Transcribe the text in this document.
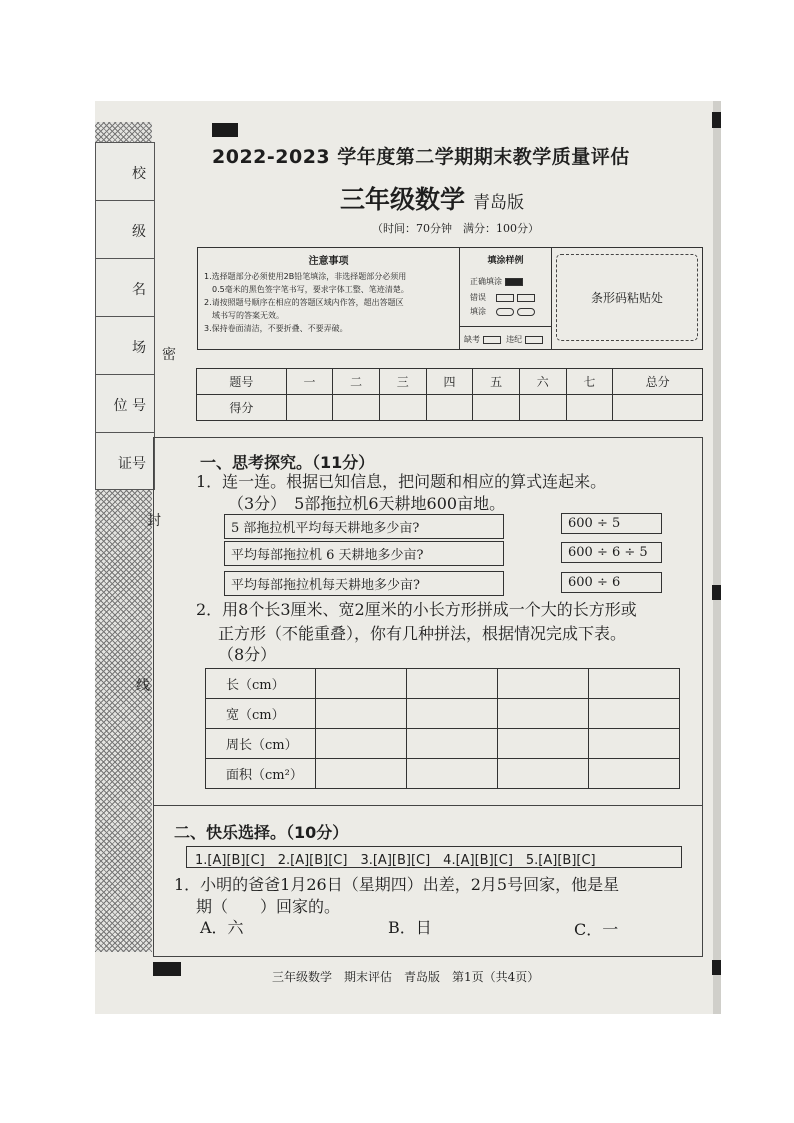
校
级
名
场
位 号
证号
密
封
线
2022-2023 学年度第二学期期末教学质量评估
三年级数学 青岛版
（时间：70分钟　满分：100分）
注意事项
1.选择题部分必须使用2B铅笔填涂，非选择题部分必须用
　0.5毫米的黑色签字笔书写，要求字体工整、笔迹清楚。
2.请按照题号顺序在相应的答题区域内作答，超出答题区
　域书写的答案无效。
3.保持卷面清洁，不要折叠、不要弄破。
填涂样例
正确填涂
错误
填涂
缺考	违纪
条形码粘贴处
题号	一	二	三	四	五	六	七	总分
得分								
一、思考探究。（11分）
1．连一连。根据已知信息，把问题和相应的算式连起来。
（3分）　5部拖拉机6天耕地600亩地。
5 部拖拉机平均每天耕地多少亩?
平均每部拖拉机 6 天耕地多少亩?
平均每部拖拉机每天耕地多少亩?
600 ÷ 5
600 ÷ 6 ÷ 5
600 ÷ 6
2．用8个长3厘米、宽2厘米的小长方形拼成一个大的长方形或
正方形（不能重叠），你有几种拼法，根据情况完成下表。
（8分）
长（cm）				
宽（cm）				
周长（cm）				
面积（cm²）				
二、快乐选择。（10分）
1.[A][B][C]　2.[A][B][C]　3.[A][B][C]　4.[A][B][C]　5.[A][B][C]
1．小明的爸爸1月26日（星期四）出差，2月5号回家，他是星
期（　　）回家的。
A．六	B．日	C．一
三年级数学　期末评估　青岛版　第1页（共4页）
